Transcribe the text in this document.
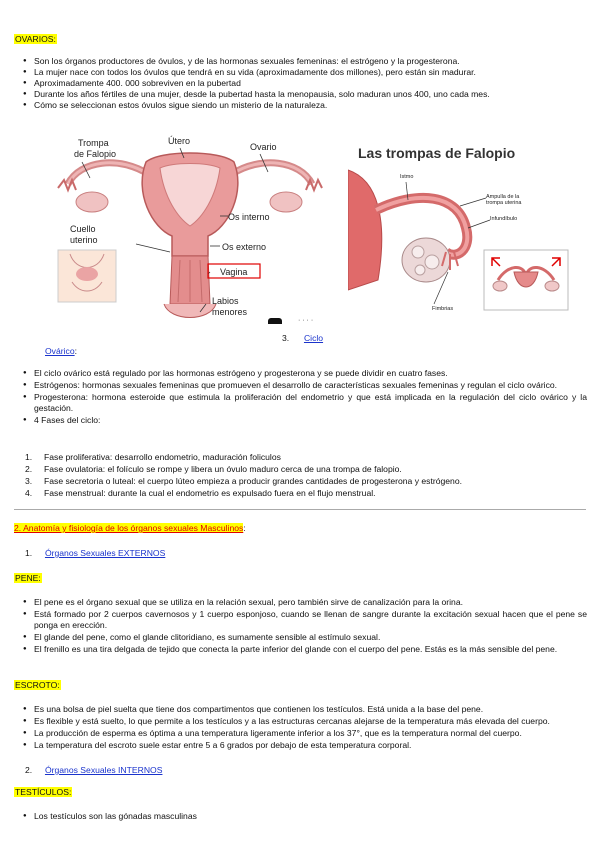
OVARIOS:
● Son los órganos productores de óvulos, y de las hormonas sexuales femeninas: el estrógeno y la progesterona.
● La mujer nace con todos los óvulos que tendrá en su vida (aproximadamente dos millones), pero están sin madurar.
● Aproximadamente 400. 000 sobreviven en la pubertad
● Durante los años fértiles de una mujer, desde la pubertad hasta la menopausia, solo maduran unos 400, uno cada mes.
● Cómo se seleccionan estos óvulos sigue siendo un misterio de la naturaleza.
Trompa de Falopio
Útero
Ovario
Os interno
Cuello uterino
Os externo
Vagina
Labios menores
Las trompas de Falopio
Istmo
Ampulla de la trompa uterina
Infundíbulo
Fimbrias
· · · ·
3. Ciclo
Ovárico:
● El ciclo ovárico está regulado por las hormonas estrógeno y progesterona y se puede dividir en cuatro fases.
● Estrógenos: hormonas sexuales femeninas que promueven el desarrollo de características sexuales femeninas y regulan el ciclo ovárico.
● Progesterona: hormona esteroide que estimula la proliferación del endometrio y que está implicada en la regulación del ciclo ovárico y la gestación.
● 4 Fases del ciclo:
1. Fase proliferativa: desarrollo endometrio, maduración foliculos
2. Fase ovulatoria: el folículo se rompe y libera un óvulo maduro cerca de una trompa de falopio.
3. Fase secretoria o luteal: el cuerpo lúteo empieza a producir grandes cantidades de progesterona y estrógeno.
4. Fase menstrual: durante la cual el endometrio es expulsado fuera en el flujo menstrual.
2. Anatomía y fisiología de los órganos sexuales Masculinos:
1. Órganos Sexuales EXTERNOS
PENE:
● El pene es el órgano sexual que se utiliza en la relación sexual, pero también sirve de canalización para la orina.
● Está formado por 2 cuerpos cavernosos y 1 cuerpo esponjoso, cuando se llenan de sangre durante la excitación sexual hacen que el pene se ponga en erección.
● El glande del pene, como el glande clitoridiano, es sumamente sensible al estímulo sexual.
● El frenillo es una tira delgada de tejido que conecta la parte inferior del glande con el cuerpo del pene. Estás es la más sensible del pene.
ESCROTO:
● Es una bolsa de piel suelta que tiene dos compartimentos que contienen los testículos. Está unida a la base del pene.
● Es flexible y está suelto, lo que permite a los testículos y a las estructuras cercanas alejarse de la temperatura más elevada del cuerpo.
● La producción de esperma es óptima a una temperatura ligeramente inferior a los 37°, que es la temperatura normal del cuerpo.
● La temperatura del escroto suele estar entre 5 a 6 grados por debajo de esta temperatura corporal.
2. Órganos Sexuales INTERNOS
TESTÍCULOS:
● Los testículos son las gónadas masculinas
